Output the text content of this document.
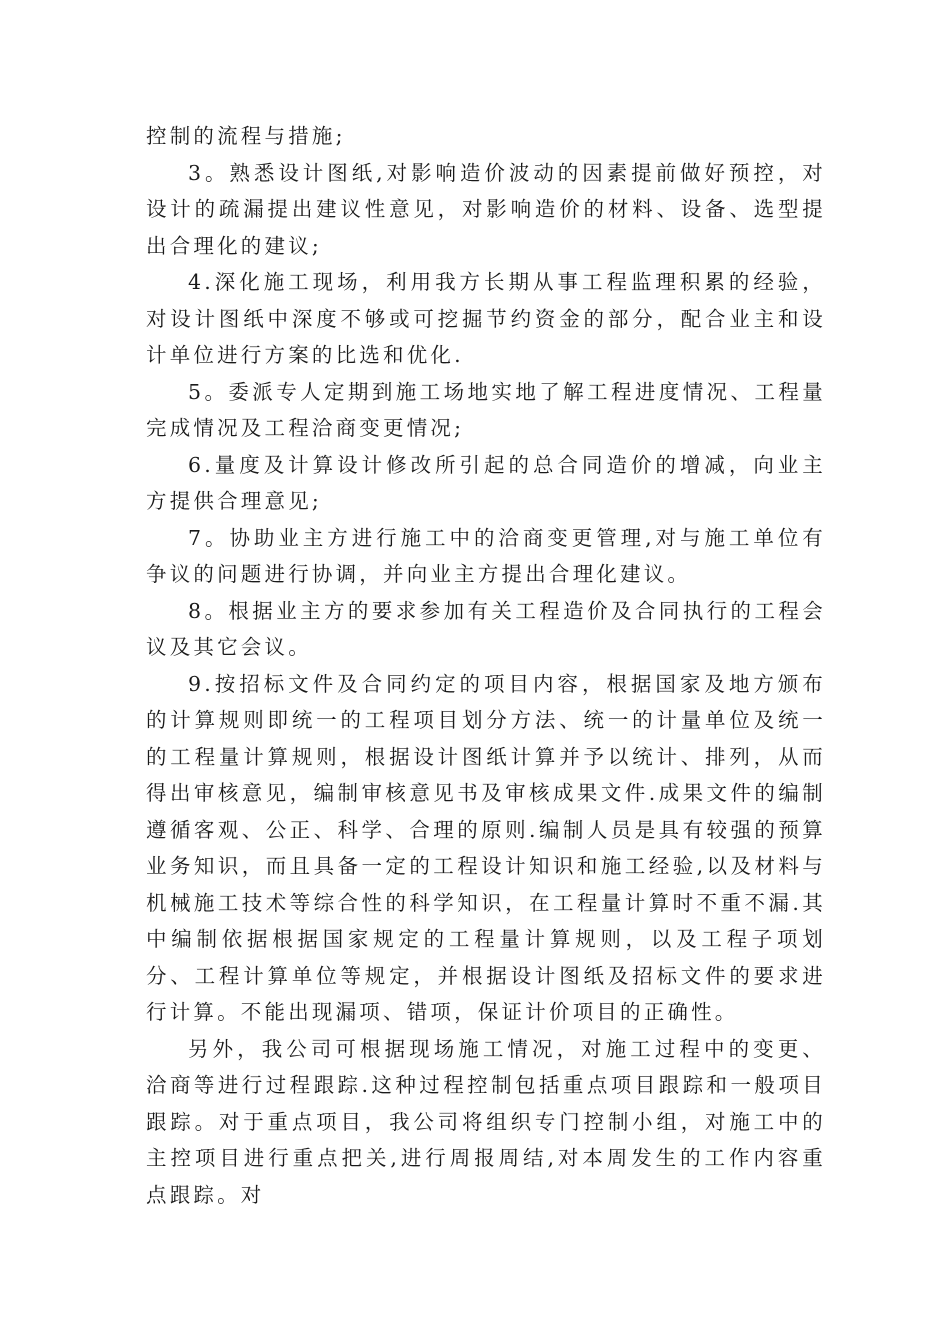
控制的流程与措施;

3。熟悉设计图纸,对影响造价波动的因素提前做好预控，对设计的疏漏提出建议性意见，对影响造价的材料、设备、选型提出合理化的建议;

4.深化施工现场，利用我方长期从事工程监理积累的经验，对设计图纸中深度不够或可挖掘节约资金的部分，配合业主和设计单位进行方案的比选和优化.

5。委派专人定期到施工场地实地了解工程进度情况、工程量完成情况及工程洽商变更情况;

6.量度及计算设计修改所引起的总合同造价的增减，向业主方提供合理意见;

7。协助业主方进行施工中的洽商变更管理,对与施工单位有争议的问题进行协调，并向业主方提出合理化建议。

8。根据业主方的要求参加有关工程造价及合同执行的工程会议及其它会议。

9.按招标文件及合同约定的项目内容，根据国家及地方颁布的计算规则即统一的工程项目划分方法、统一的计量单位及统一的工程量计算规则，根据设计图纸计算并予以统计、排列，从而得出审核意见，编制审核意见书及审核成果文件.成果文件的编制遵循客观、公正、科学、合理的原则.编制人员是具有较强的预算业务知识，而且具备一定的工程设计知识和施工经验,以及材料与机械施工技术等综合性的科学知识，在工程量计算时不重不漏.其中编制依据根据国家规定的工程量计算规则，以及工程子项划分、工程计算单位等规定，并根据设计图纸及招标文件的要求进行计算。不能出现漏项、错项，保证计价项目的正确性。

另外，我公司可根据现场施工情况，对施工过程中的变更、洽商等进行过程跟踪.这种过程控制包括重点项目跟踪和一般项目跟踪。对于重点项目，我公司将组织专门控制小组，对施工中的主控项目进行重点把关,进行周报周结,对本周发生的工作内容重点跟踪。对
